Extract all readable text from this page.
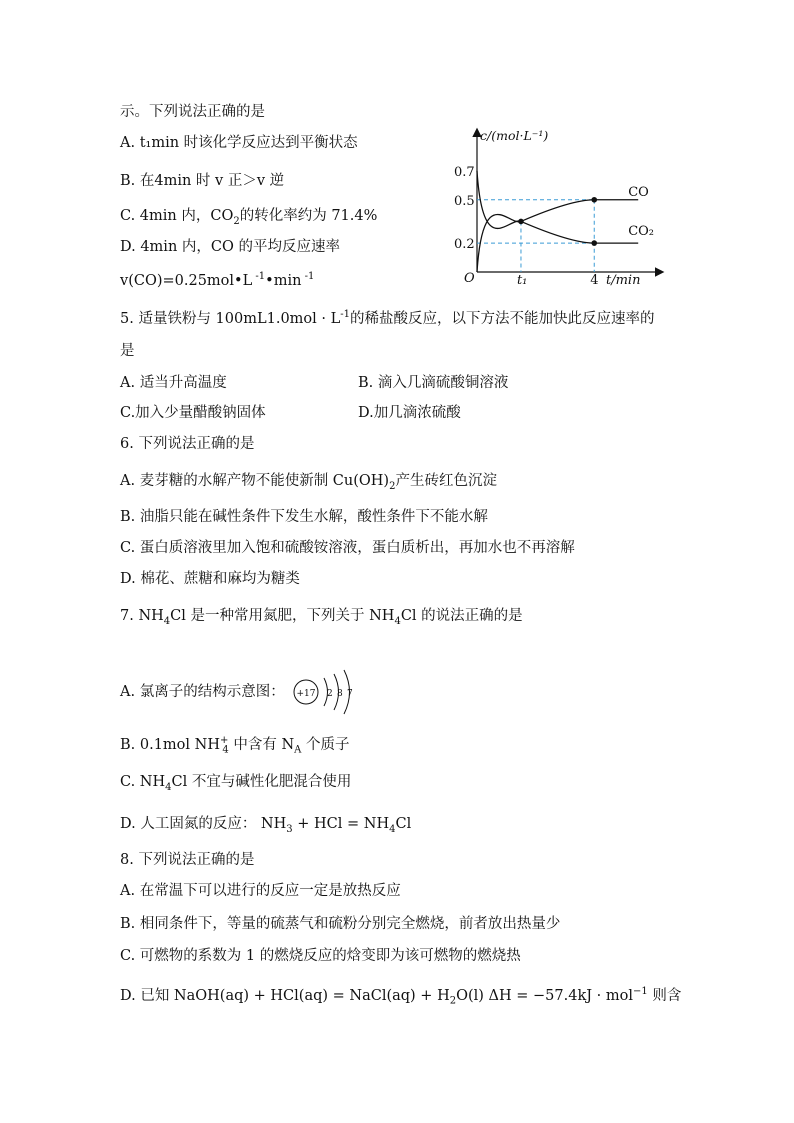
示。下列说法正确的是
A. t₁min 时该化学反应达到平衡状态
B. 在4min 时 v 正＞v 逆
C. 4min 内，$CO_2$的转化率约为 71.4%
D. 4min 内，CO 的平均反应速率
v(CO)=0.25mol•L $^{-1}$•min $^{-1}$
0.7
0.5
0.2
t₁	4
CO
CO₂
c/(mol·L⁻¹)
t/min
O
5. 适量铁粉与 $100mL1.0mol \cdot L^{-1}$的稀盐酸反应，以下方法不能加快此反应速率的
是
A. 适当升高温度	B. 滴入几滴硫酸铜溶液
C.加入少量醋酸钠固体	D.加几滴浓硫酸
6. 下列说法正确的是
A. 麦芽糖的水解产物不能使新制 $Cu(OH)_2$产生砖红色沉淀
B. 油脂只能在碱性条件下发生水解，酸性条件下不能水解
C. 蛋白质溶液里加入饱和硫酸铵溶液，蛋白质析出，再加水也不再溶解
D. 棉花、蔗糖和麻均为糖类
7. $NH_4Cl$ 是一种常用氮肥，下列关于 $NH_4Cl$ 的说法正确的是
A. 氯离子的结构示意图： +17 2 8 7
B. 0.1mol $NH^+_4$ 中含有 $N_A$ 个质子
C. $NH_4Cl$ 不宜与碱性化肥混合使用
D. 人工固氮的反应： $NH_3$ + HCl = $NH_4Cl$
8. 下列说法正确的是
A. 在常温下可以进行的反应一定是放热反应
B. 相同条件下，等量的硫蒸气和硫粉分别完全燃烧，前者放出热量少
C. 可燃物的系数为 1 的燃烧反应的焓变即为该可燃物的燃烧热
D. 已知 NaOH(aq) + HCl(aq) = NaCl(aq) + $H_2O(l) \Delta H = -57.4kJ \cdot mol^{-1}$ 则含
